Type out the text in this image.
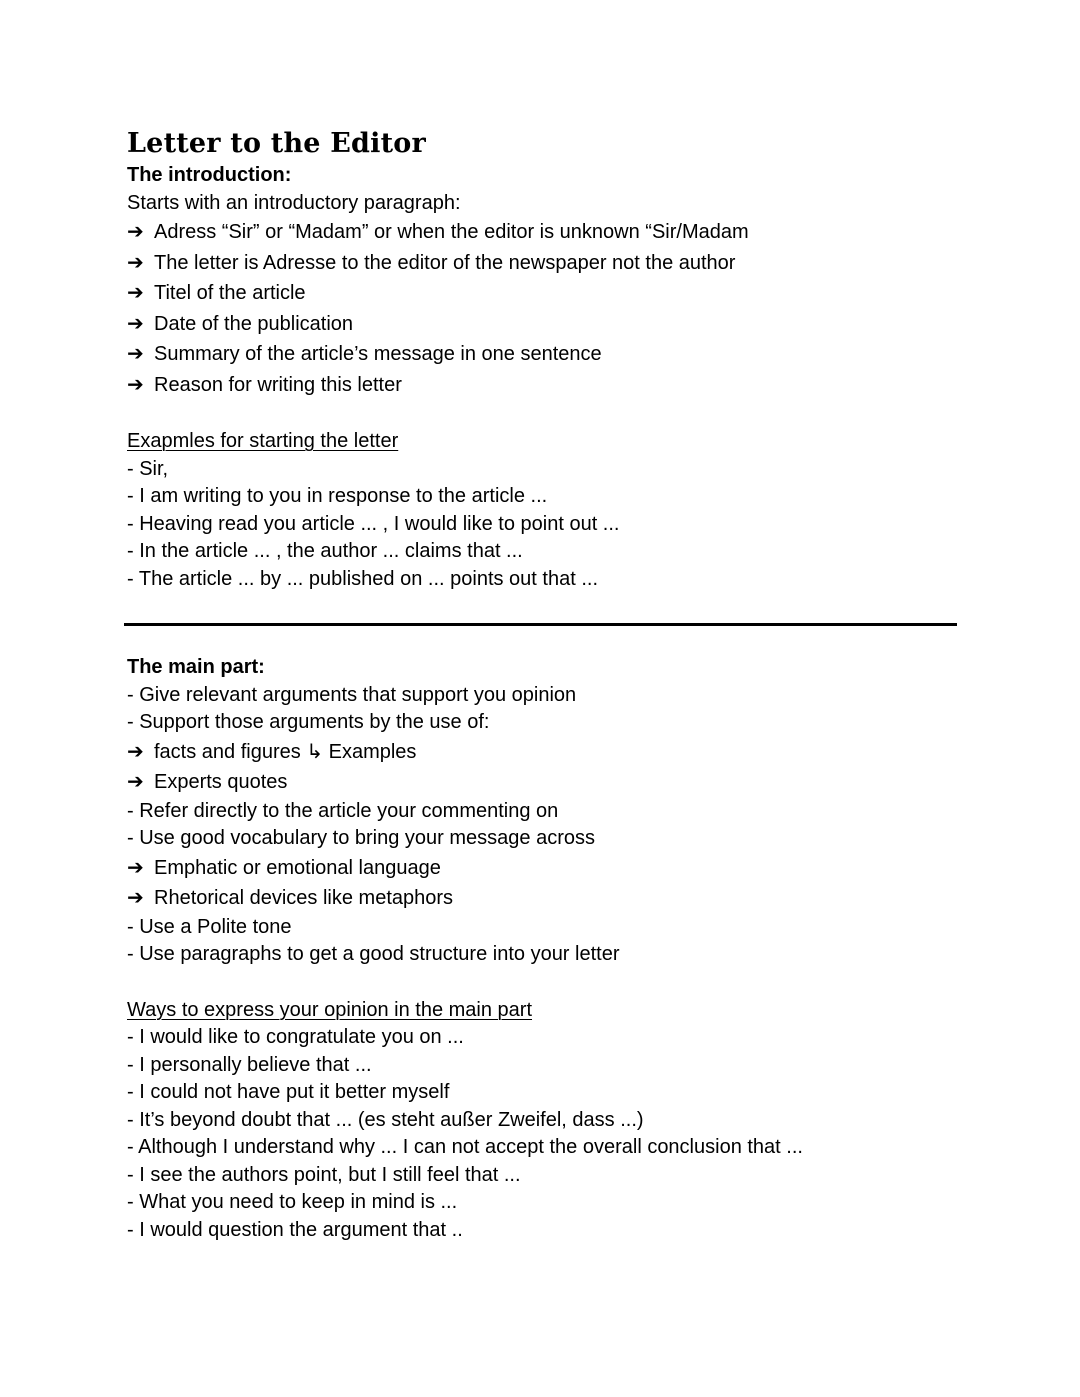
Letter to the Editor
The introduction:
Starts with an introductory paragraph:
➔ Adress “Sir” or “Madam” or when the editor is unknown “Sir/Madam
➔ The letter is Adresse to the editor of the newspaper not the author
➔ Titel of the article
➔ Date of the publication
➔ Summary of the article’s message in one sentence
➔ Reason for writing this letter
Exapmles for starting the letter
- Sir,
- I am writing to you in response to the article ...
- Heaving read you article ... , I would like to point out ...
- In the article ... , the author ... claims that ...
- The article ... by ... published on ... points out that ...
The main part:
- Give relevant arguments that support you opinion
- Support those arguments by the use of:
➔ facts and figures ↳ Examples
➔ Experts quotes
- Refer directly to the article your commenting on
- Use good vocabulary to bring your message across
➔ Emphatic or emotional language
➔ Rhetorical devices like metaphors
- Use a Polite tone
- Use paragraphs to get a good structure into your letter
Ways to express your opinion in the main part
- I would like to congratulate you on ...
- I personally believe that ...
- I could not have put it better myself
- It’s beyond doubt that ... (es steht außer Zweifel, dass ...)
- Although I understand why ... I can not accept the overall conclusion that ...
- I see the authors point, but I still feel that ...
- What you need to keep in mind is ...
- I would question the argument that ..
